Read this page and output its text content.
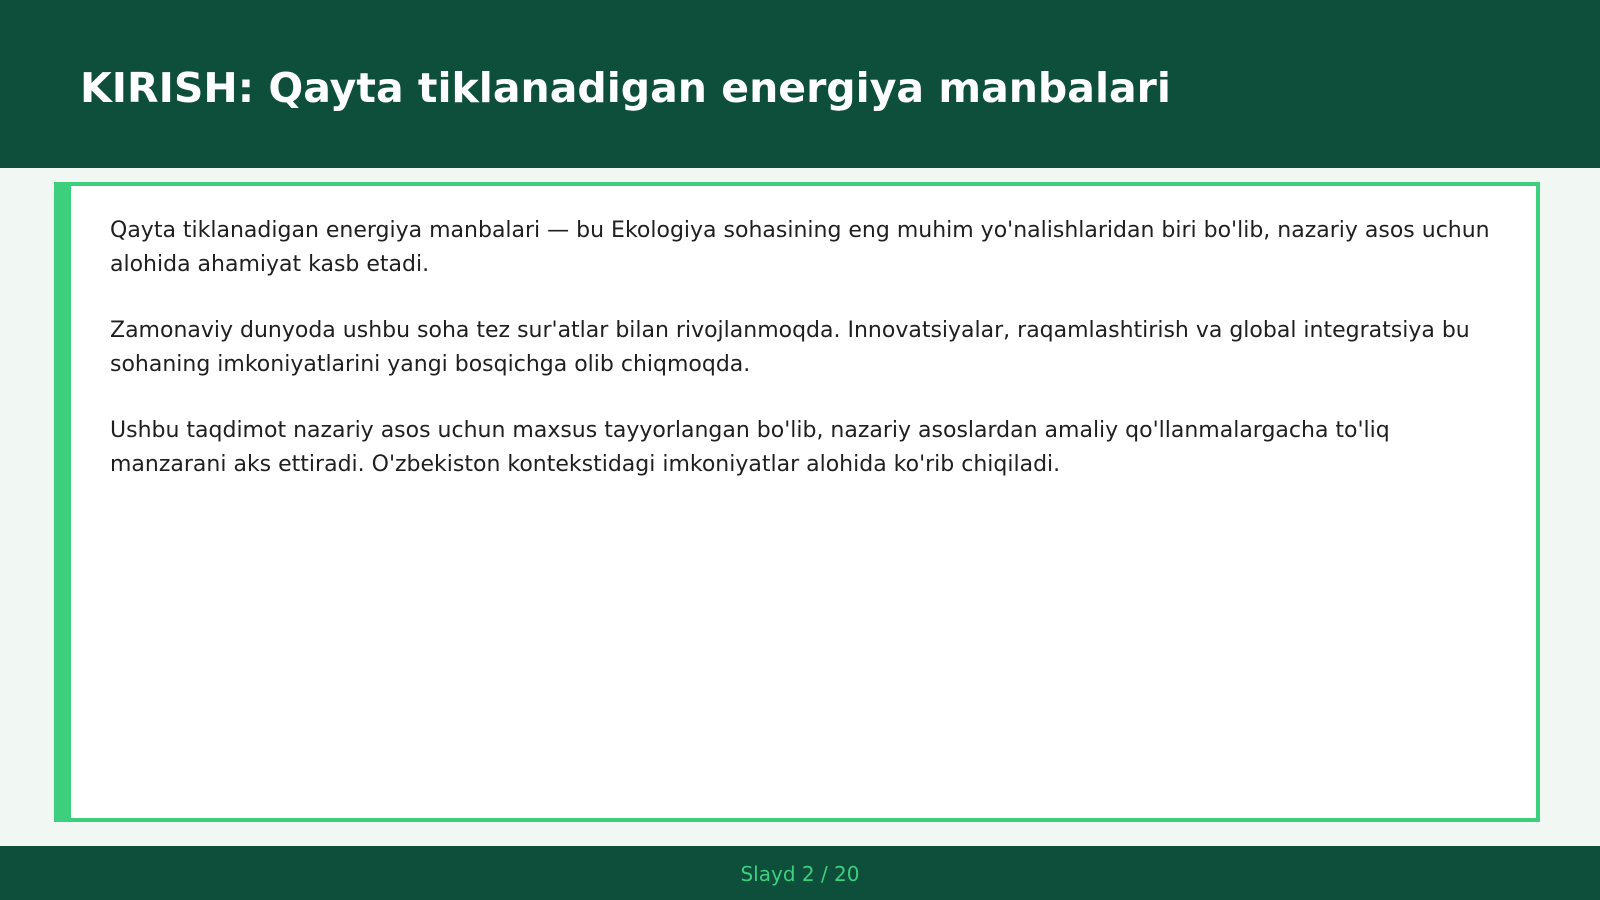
KIRISH: Qayta tiklanadigan energiya manbalari

Qayta tiklanadigan energiya manbalari — bu Ekologiya sohasining eng muhim yo'nalishlaridan biri bo'lib, nazariy asos uchun alohida ahamiyat kasb etadi.

Zamonaviy dunyoda ushbu soha tez sur'atlar bilan rivojlanmoqda. Innovatsiyalar, raqamlashtirish va global integratsiya bu sohaning imkoniyatlarini yangi bosqichga olib chiqmoqda.

Ushbu taqdimot nazariy asos uchun maxsus tayyorlangan bo'lib, nazariy asoslardan amaliy qo'llanmalargacha to'liq manzarani aks ettiradi. O'zbekiston kontekstidagi imkoniyatlar alohida ko'rib chiqiladi.

Slayd 2 / 20
